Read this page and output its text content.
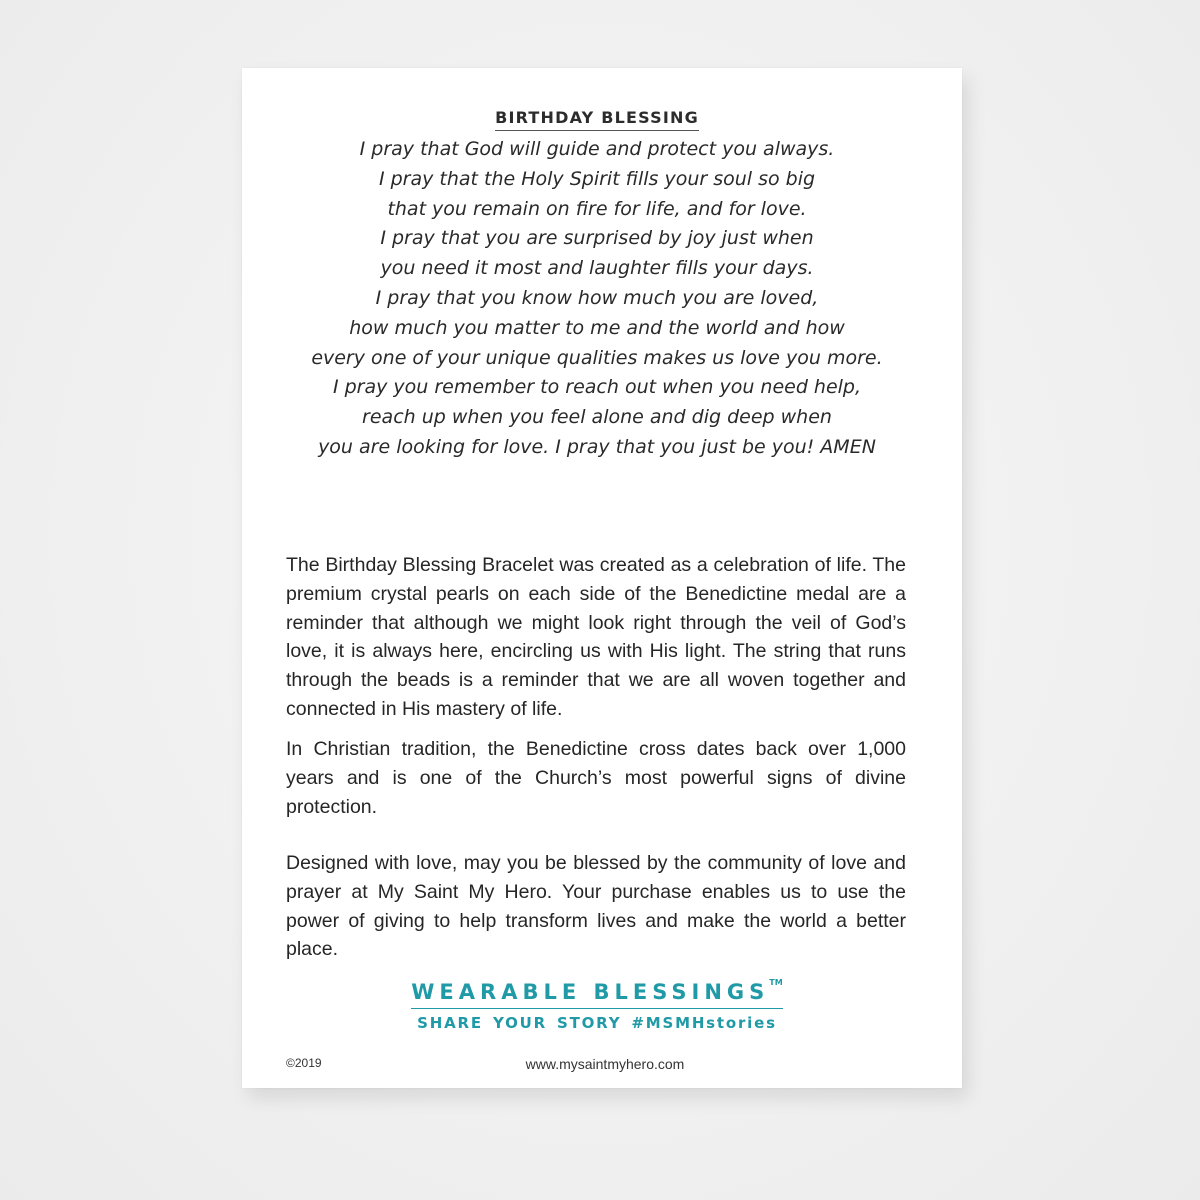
BIRTHDAY BLESSING
I pray that God will guide and protect you always.
I pray that the Holy Spirit fills your soul so big
that you remain on fire for life, and for love.
I pray that you are surprised by joy just when
you need it most and laughter fills your days.
I pray that you know how much you are loved,
how much you matter to me and the world and how
every one of your unique qualities makes us love you more.
I pray you remember to reach out when you need help,
reach up when you feel alone and dig deep when
you are looking for love. I pray that you just be you! AMEN
The Birthday Blessing Bracelet was created as a celebration of life. The premium crystal pearls on each side of the Benedictine medal are a reminder that although we might look right through the veil of God’s love, it is always here, encircling us with His light. The string that runs through the beads is a reminder that we are all woven together and connected in His mastery of life.
In Christian tradition, the Benedictine cross dates back over 1,000 years and is one of the Church’s most powerful signs of divine protection.
Designed with love, may you be blessed by the community of love and prayer at My Saint My Hero. Your purchase enables us to use the power of giving to help transform lives and make the world a better place.
WEARABLE BLESSINGS™
SHARE YOUR STORY #MSMHstories
©2019	www.mysaintmyhero.com
